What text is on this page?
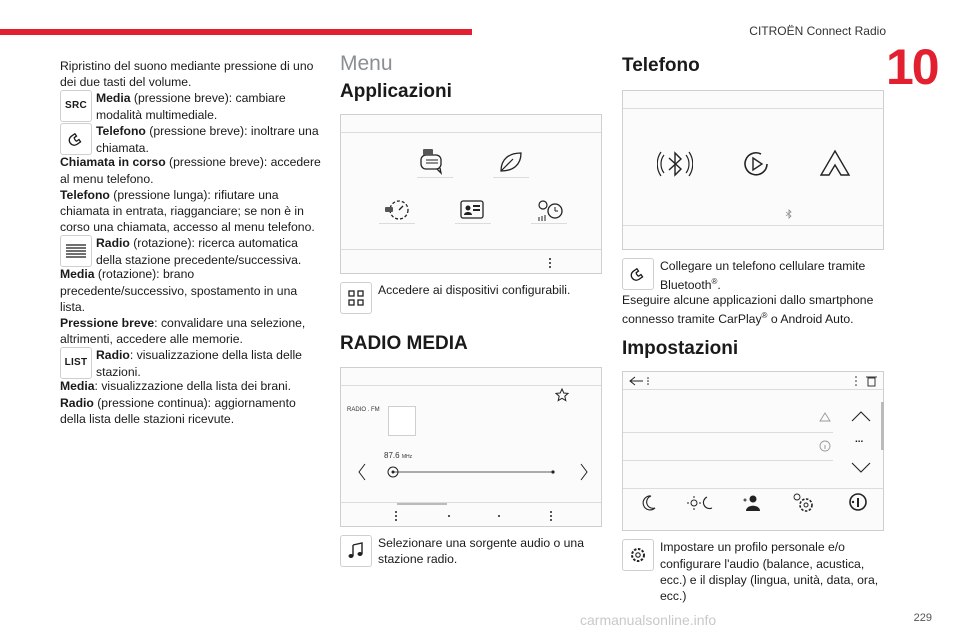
CITROËN Connect Radio
10

Ripristino del suono mediante pressione di uno dei due tasti del volume.

SRC
Media (pressione breve): cambiare modalità multimediale.
Telefono (pressione breve): inoltrare una chiamata.

Chiamata in corso (pressione breve): accedere al menu telefono.

Telefono (pressione lunga): rifiutare una chiamata in entrata, riagganciare; se non è in corso una chiamata, accesso al menu telefono.

Radio (rotazione): ricerca automatica della stazione precedente/successiva.

Media (rotazione): brano precedente/successivo, spostamento in una lista.

Pressione breve: convalidare una selezione, altrimenti, accedere alle memorie.

LIST
Radio: visualizzazione della lista delle stazioni.

Media: visualizzazione della lista dei brani.

Radio (pressione continua): aggiornamento della lista delle stazioni ricevute.

Menu
Applicazioni
Accedere ai dispositivi configurabili.
RADIO MEDIA
RADIO . FM
87.6 MHz
Selezionare una sorgente audio o una stazione radio.
Telefono
Collegare un telefono cellulare tramite Bluetooth®.

Eseguire alcune applicazioni dallo smartphone connesso tramite CarPlay® o Android Auto.

Impostazioni
...
Impostare un profilo personale e/o configurare l'audio (balance, acustica, ecc.) e il display (lingua, unità, data, ora, ecc.)
carmanualsonline.info	229
